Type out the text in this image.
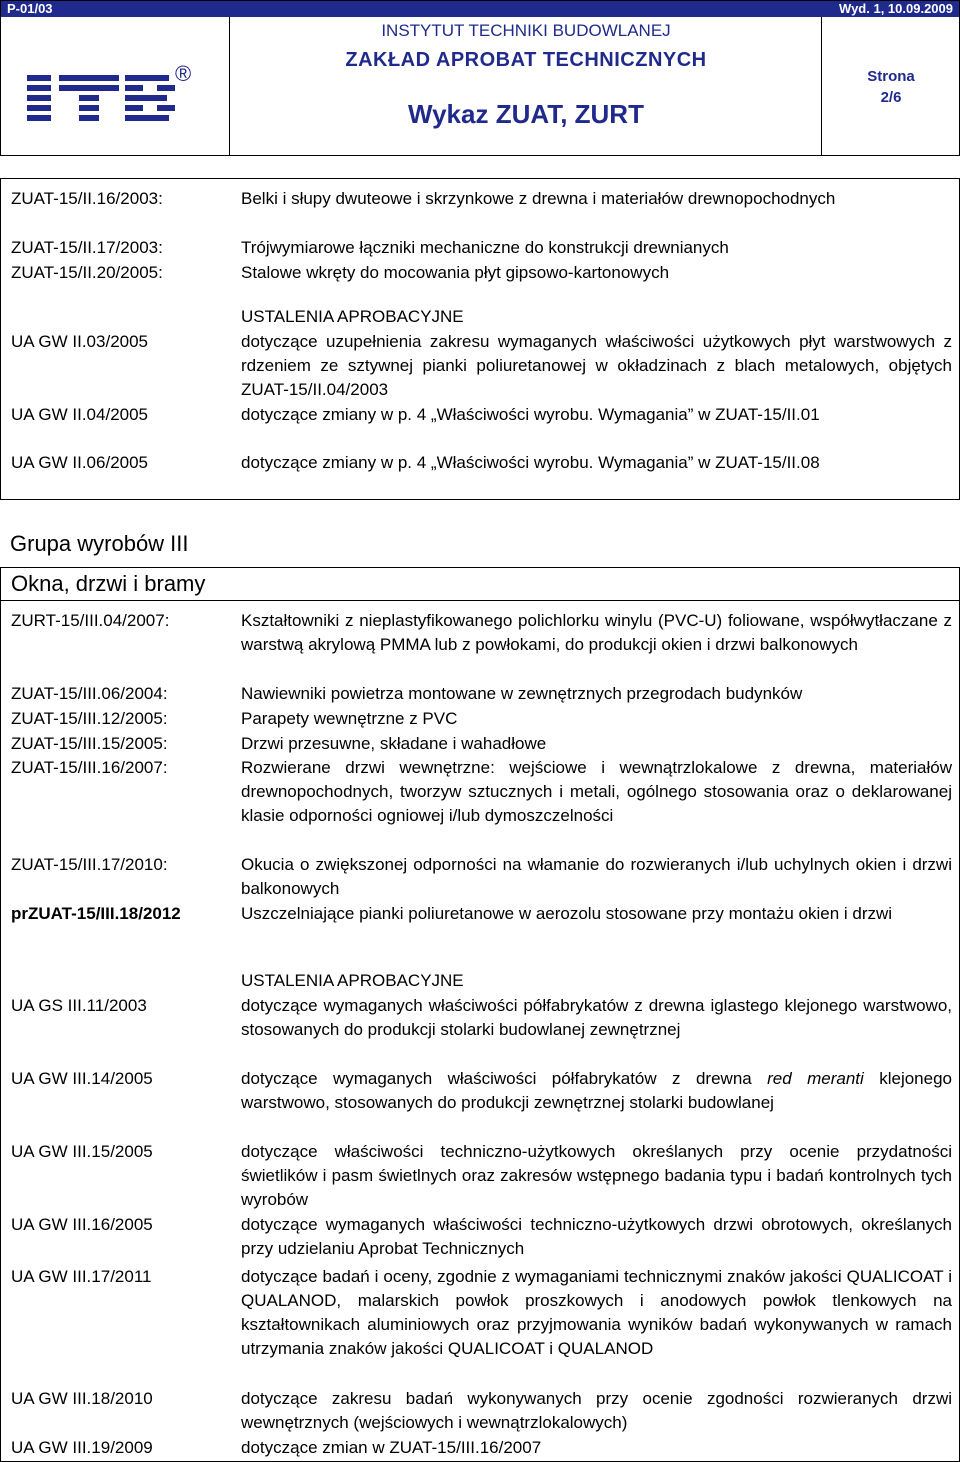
P-01/03	Wyd. 1, 10.09.2009
®
INSTYTUT TECHNIKI BUDOWLANEJ
ZAKŁAD APROBAT TECHNICZNYCH
Wykaz ZUAT, ZURT
Strona
2/6
ZUAT-15/II.16/2003:	Belki i słupy dwuteowe i skrzynkowe z drewna i materiałów drewnopochodnych
ZUAT-15/II.17/2003:	Trójwymiarowe łączniki mechaniczne do konstrukcji drewnianych
ZUAT-15/II.20/2005:	Stalowe wkręty do mocowania płyt gipsowo-kartonowych
USTALENIA APROBACYJNE
UA GW II.03/2005	dotyczące uzupełnienia zakresu wymaganych właściwości użytkowych płyt warstwowych z rdzeniem ze sztywnej pianki poliuretanowej w okładzinach z blach metalowych, objętych ZUAT-15/II.04/2003
UA GW II.04/2005	dotyczące zmiany w p. 4 „Właściwości wyrobu. Wymagania” w ZUAT-15/II.01
UA GW II.06/2005	dotyczące zmiany w p. 4 „Właściwości wyrobu. Wymagania” w ZUAT-15/II.08
Grupa wyrobów III
Okna, drzwi i bramy
ZURT-15/III.04/2007:	Kształtowniki z nieplastyfikowanego polichlorku winylu (PVC-U) foliowane, współwytłaczane z warstwą akrylową PMMA lub z powłokami, do produkcji okien i drzwi balkonowych
ZUAT-15/III.06/2004:	Nawiewniki powietrza montowane w zewnętrznych przegrodach budynków
ZUAT-15/III.12/2005:	Parapety wewnętrzne z PVC
ZUAT-15/III.15/2005:	Drzwi przesuwne, składane i wahadłowe
ZUAT-15/III.16/2007:	Rozwierane drzwi wewnętrzne: wejściowe i wewnątrzlokalowe z drewna, materiałów drewnopochodnych, tworzyw sztucznych i metali, ogólnego stosowania oraz o deklarowanej klasie odporności ogniowej i/lub dymoszczelności
ZUAT-15/III.17/2010:	Okucia o zwiększonej odporności na włamanie do rozwieranych i/lub uchylnych okien i drzwi balkonowych
prZUAT-15/III.18/2012	Uszczelniające pianki poliuretanowe w aerozolu stosowane przy montażu okien i drzwi
USTALENIA APROBACYJNE
UA GS III.11/2003	dotyczące wymaganych właściwości półfabrykatów z drewna iglastego klejonego warstwowo, stosowanych do produkcji stolarki budowlanej zewnętrznej
UA GW III.14/2005	dotyczące wymaganych właściwości półfabrykatów z drewna red meranti klejonego warstwowo, stosowanych do produkcji zewnętrznej stolarki budowlanej
UA GW III.15/2005	dotyczące właściwości techniczno-użytkowych określanych przy ocenie przydatności świetlików i pasm świetlnych oraz zakresów wstępnego badania typu i badań kontrolnych tych wyrobów
UA GW III.16/2005	dotyczące wymaganych właściwości techniczno-użytkowych drzwi obrotowych, określanych przy udzielaniu Aprobat Technicznych
UA GW III.17/2011	dotyczące badań i oceny, zgodnie z wymaganiami technicznymi znaków jakości QUALICOAT i QUALANOD, malarskich powłok proszkowych i anodowych powłok tlenkowych na kształtownikach aluminiowych oraz przyjmowania wyników badań wykonywanych w ramach utrzymania znaków jakości QUALICOAT i QUALANOD
UA GW III.18/2010	dotyczące zakresu badań wykonywanych przy ocenie zgodności rozwieranych drzwi wewnętrznych (wejściowych i wewnątrzlokalowych)
UA GW III.19/2009	dotyczące zmian w ZUAT-15/III.16/2007
